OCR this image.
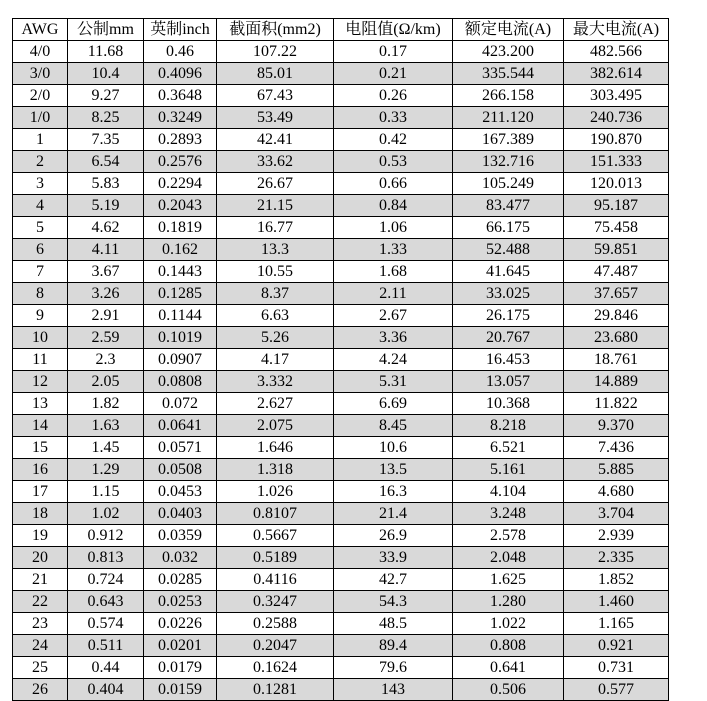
AWG	公制mm	英制inch	截面积(mm2)	电阻值(Ω/km)	额定电流(A)	最大电流(A)
4/0	11.68	0.46	107.22	0.17	423.200	482.566
3/0	10.4	0.4096	85.01	0.21	335.544	382.614
2/0	9.27	0.3648	67.43	0.26	266.158	303.495
1/0	8.25	0.3249	53.49	0.33	211.120	240.736
1	7.35	0.2893	42.41	0.42	167.389	190.870
2	6.54	0.2576	33.62	0.53	132.716	151.333
3	5.83	0.2294	26.67	0.66	105.249	120.013
4	5.19	0.2043	21.15	0.84	83.477	95.187
5	4.62	0.1819	16.77	1.06	66.175	75.458
6	4.11	0.162	13.3	1.33	52.488	59.851
7	3.67	0.1443	10.55	1.68	41.645	47.487
8	3.26	0.1285	8.37	2.11	33.025	37.657
9	2.91	0.1144	6.63	2.67	26.175	29.846
10	2.59	0.1019	5.26	3.36	20.767	23.680
11	2.3	0.0907	4.17	4.24	16.453	18.761
12	2.05	0.0808	3.332	5.31	13.057	14.889
13	1.82	0.072	2.627	6.69	10.368	11.822
14	1.63	0.0641	2.075	8.45	8.218	9.370
15	1.45	0.0571	1.646	10.6	6.521	7.436
16	1.29	0.0508	1.318	13.5	5.161	5.885
17	1.15	0.0453	1.026	16.3	4.104	4.680
18	1.02	0.0403	0.8107	21.4	3.248	3.704
19	0.912	0.0359	0.5667	26.9	2.578	2.939
20	0.813	0.032	0.5189	33.9	2.048	2.335
21	0.724	0.0285	0.4116	42.7	1.625	1.852
22	0.643	0.0253	0.3247	54.3	1.280	1.460
23	0.574	0.0226	0.2588	48.5	1.022	1.165
24	0.511	0.0201	0.2047	89.4	0.808	0.921
25	0.44	0.0179	0.1624	79.6	0.641	0.731
26	0.404	0.0159	0.1281	143	0.506	0.577
